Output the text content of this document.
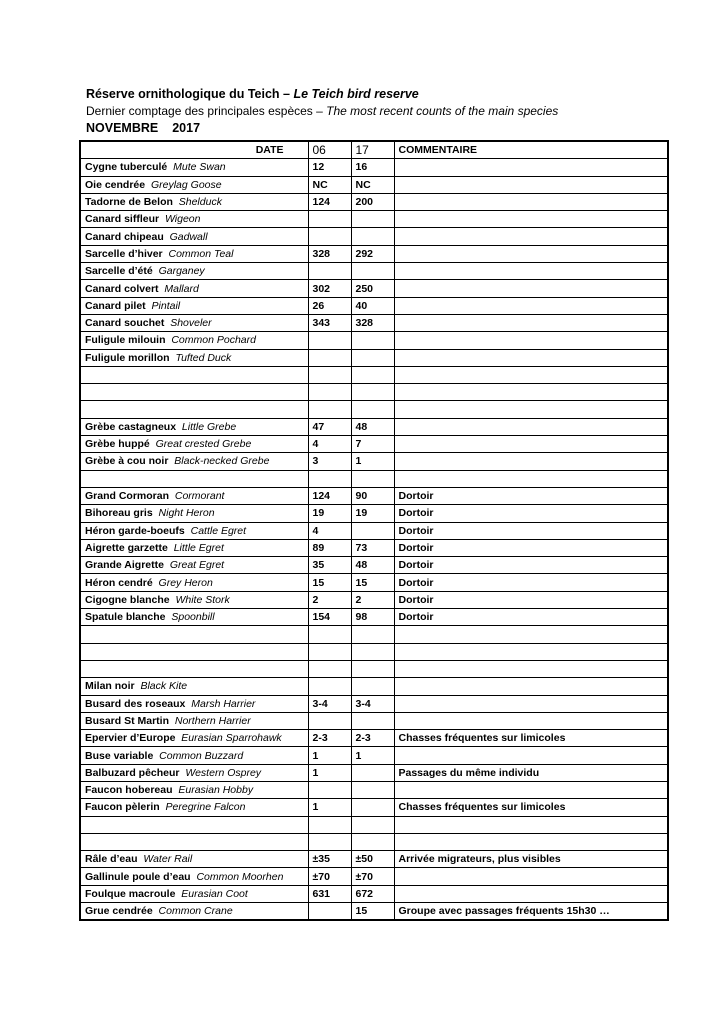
Réserve ornithologique du Teich – Le Teich bird reserve
Dernier comptage des principales espèces – The most recent counts of the main species
NOVEMBRE 2017
DATE	06	17	COMMENTAIRE
Cygne tuberculé Mute Swan	12	16	
Oie cendrée Greylag Goose	NC	NC	
Tadorne de Belon Shelduck	124	200	
Canard siffleur Wigeon			
Canard chipeau Gadwall			
Sarcelle d’hiver Common Teal	328	292	
Sarcelle d’été Garganey			
Canard colvert Mallard	302	250	
Canard pilet Pintail	26	40	
Canard souchet Shoveler	343	328	
Fuligule milouin Common Pochard			
Fuligule morillon Tufted Duck			

Grèbe castagneux Little Grebe	47	48	
Grèbe huppé Great crested Grebe	4	7	
Grèbe à cou noir Black-necked Grebe	3	1	

Grand Cormoran Cormorant	124	90	Dortoir
Bihoreau gris Night Heron	19	19	Dortoir
Héron garde-boeufs Cattle Egret	4		Dortoir
Aigrette garzette Little Egret	89	73	Dortoir
Grande Aigrette Great Egret	35	48	Dortoir
Héron cendré Grey Heron	15	15	Dortoir
Cigogne blanche White Stork	2	2	Dortoir
Spatule blanche Spoonbill	154	98	Dortoir

Milan noir Black Kite			
Busard des roseaux Marsh Harrier	3-4	3-4	
Busard St Martin Northern Harrier			
Epervier d’Europe Eurasian Sparrohawk	2-3	2-3	Chasses fréquentes sur limicoles
Buse variable Common Buzzard	1	1	
Balbuzard pêcheur Western Osprey	1		Passages du même individu
Faucon hobereau Eurasian Hobby			
Faucon pèlerin Peregrine Falcon	1		Chasses fréquentes sur limicoles

Râle d’eau Water Rail	±35	±50	Arrivée migrateurs, plus visibles
Gallinule poule d’eau Common Moorhen	±70	±70	
Foulque macroule Eurasian Coot	631	672	
Grue cendrée Common Crane		15	Groupe avec passages fréquents 15h30 …
